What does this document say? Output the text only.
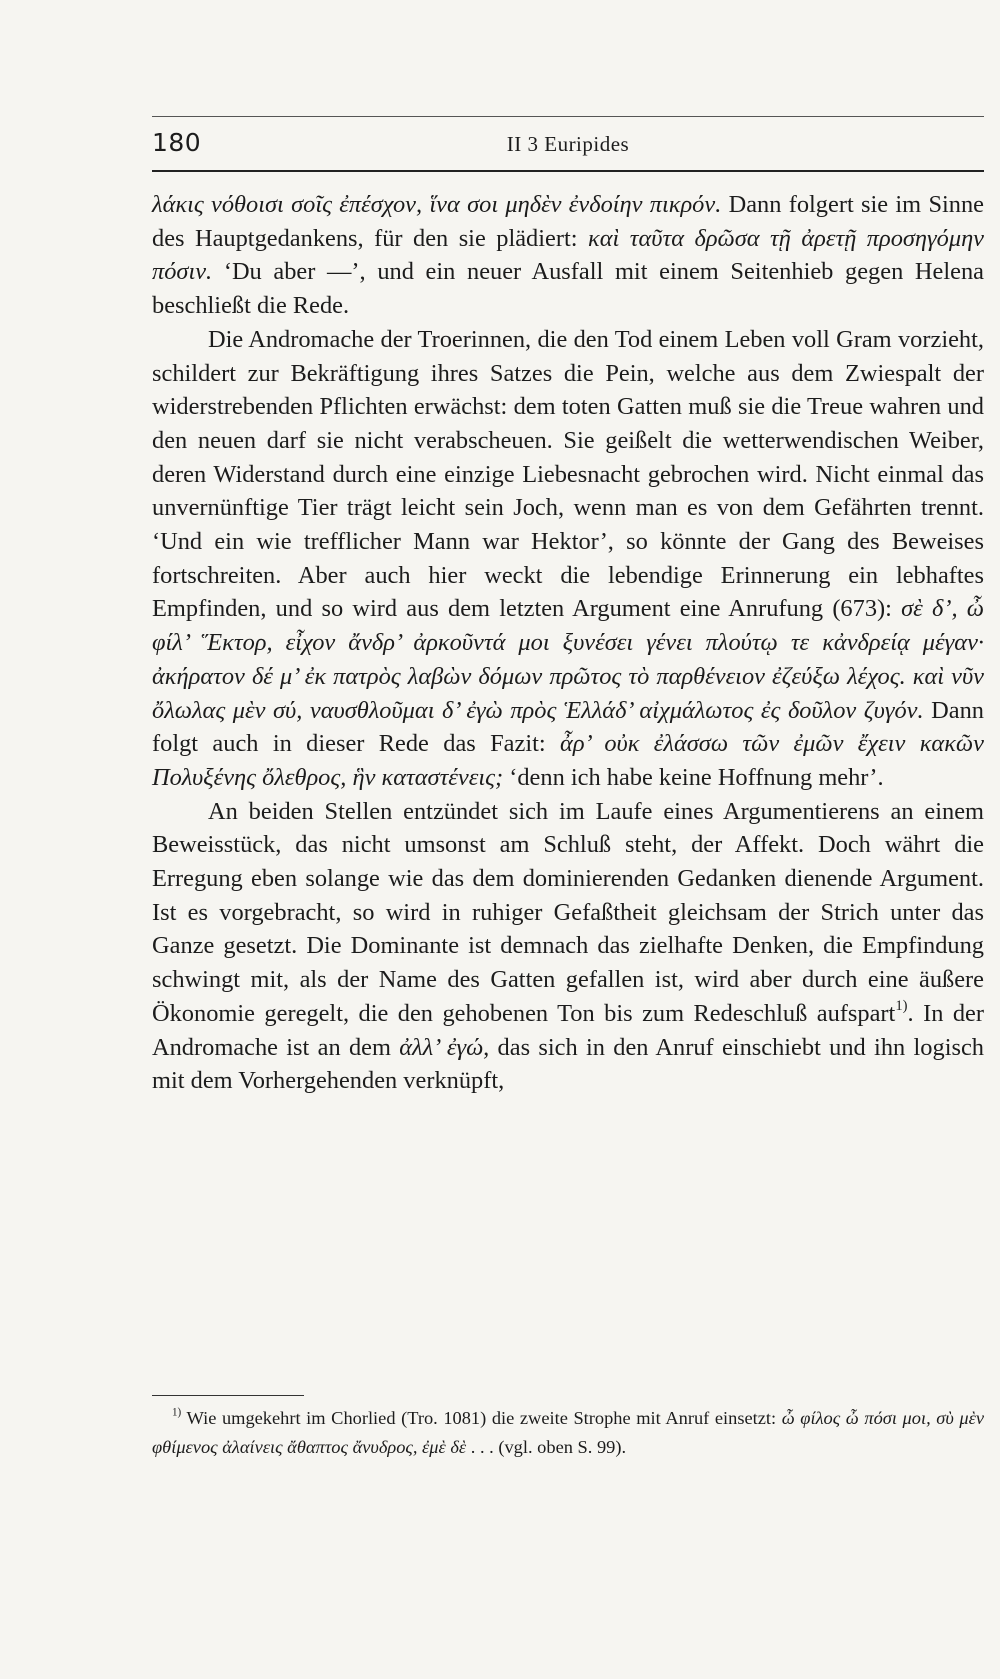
180	II 3 Euripides

λάκις νόθοισι σοῖς ἐπέσχον, ἵνα σοι μηδὲν ἐνδοίην πικρόν. Dann folgert sie im Sinne des Hauptgedankens, für den sie plädiert: καὶ ταῦτα δρῶσα τῇ ἀρετῇ προσηγόμην πόσιν. ‘Du aber —’, und ein neuer Ausfall mit einem Seitenhieb gegen Helena beschließt die Rede.

Die Andromache der Troerinnen, die den Tod einem Leben voll Gram vorzieht, schildert zur Bekräftigung ihres Satzes die Pein, welche aus dem Zwiespalt der widerstrebenden Pflichten erwächst: dem toten Gatten muß sie die Treue wahren und den neuen darf sie nicht verabscheuen. Sie geißelt die wetterwendischen Weiber, deren Widerstand durch eine einzige Liebesnacht gebrochen wird. Nicht einmal das unvernünftige Tier trägt leicht sein Joch, wenn man es von dem Gefährten trennt. ‘Und ein wie trefflicher Mann war Hektor’, so könnte der Gang des Beweises fortschreiten. Aber auch hier weckt die lebendige Erinnerung ein lebhaftes Empfinden, und so wird aus dem letzten Argument eine Anrufung (673): σὲ δ’, ὦ φίλ’ Ἕκτορ, εἶχον ἄνδρ’ ἀρκοῦντά μοι ξυνέσει γένει πλούτῳ τε κἀνδρείᾳ μέγαν· ἀκήρατον δέ μ’ ἐκ πατρὸς λαβὼν δόμων πρῶτος τὸ παρθένειον ἐζεύξω λέχος. καὶ νῦν ὄλωλας μὲν σύ, ναυσθλοῦμαι δ’ ἐγὼ πρὸς Ἑλλάδ’ αἰχμάλωτος ἐς δοῦλον ζυγόν. Dann folgt auch in dieser Rede das Fazit: ἆρ’ οὐκ ἐλάσσω τῶν ἐμῶν ἔχειν κακῶν Πολυξένης ὄλεθρος, ἣν καταστένεις; ‘denn ich habe keine Hoffnung mehr’.

An beiden Stellen entzündet sich im Laufe eines Argumentierens an einem Beweisstück, das nicht umsonst am Schluß steht, der Affekt. Doch währt die Erregung eben solange wie das dem dominierenden Gedanken dienende Argument. Ist es vorgebracht, so wird in ruhiger Gefaßtheit gleichsam der Strich unter das Ganze gesetzt. Die Dominante ist demnach das zielhafte Denken, die Empfindung schwingt mit, als der Name des Gatten gefallen ist, wird aber durch eine äußere Ökonomie geregelt, die den gehobenen Ton bis zum Redeschluß aufspart$^{1)}$. In der Andromache ist an dem ἀλλ’ ἐγώ, das sich in den Anruf einschiebt und ihn logisch mit dem Vorhergehenden verknüpft,

$^{1)}$ Wie umgekehrt im Chorlied (Tro. 1081) die zweite Strophe mit Anruf einsetzt: ὦ φίλος ὦ πόσι μοι, σὺ μὲν φθίμενος ἀλαίνεις ἄθαπτος ἄνυδρος, ἐμὲ δὲ . . . (vgl. oben S. 99).
